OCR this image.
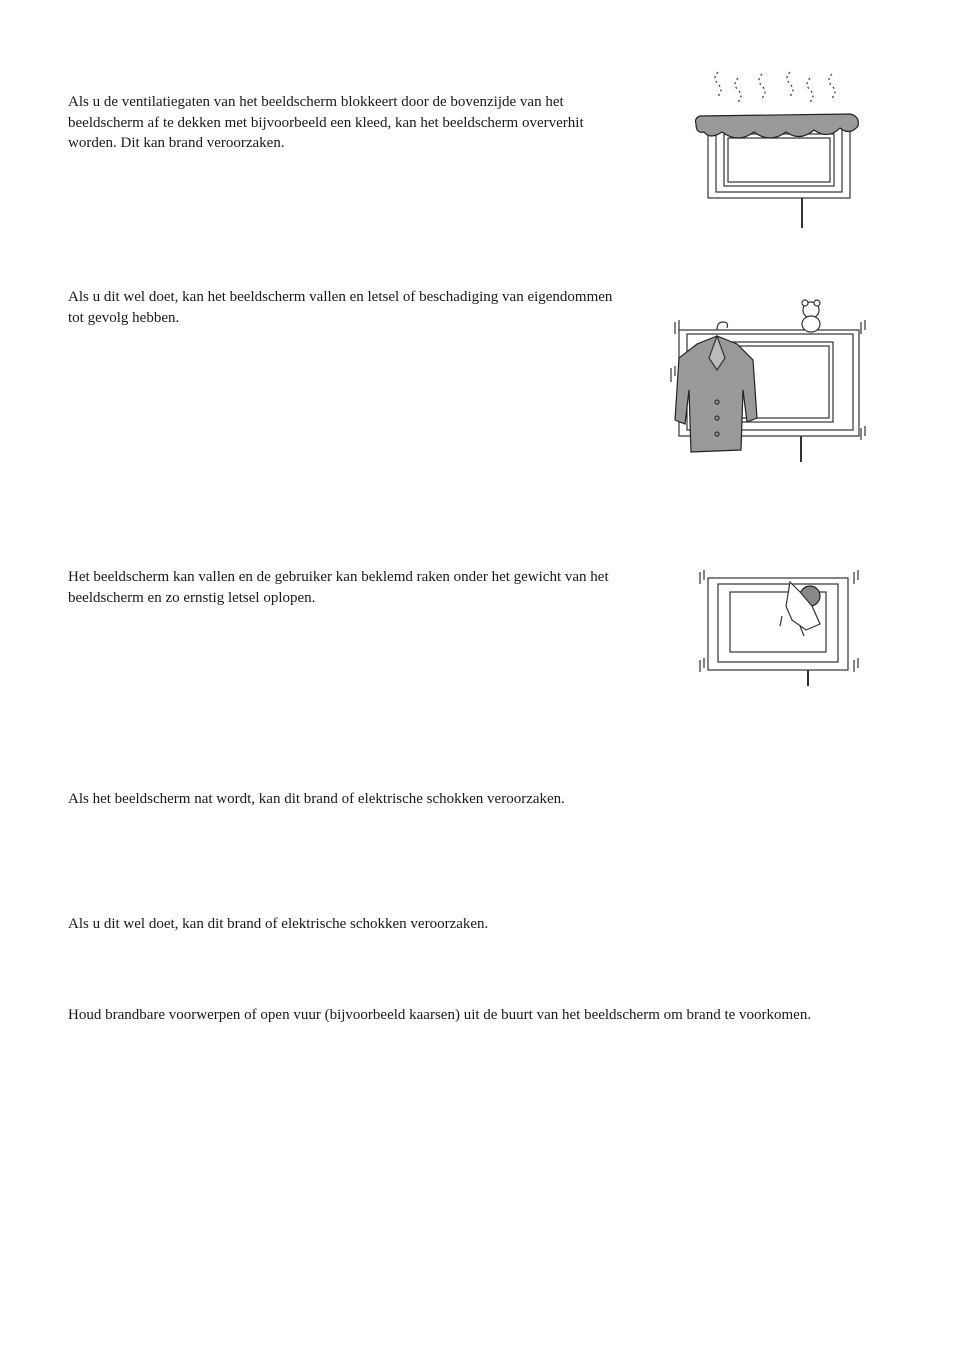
Als u de ventilatiegaten van het beeldscherm blokkeert door de bovenzijde van het beeldscherm af te dekken met bijvoorbeeld een kleed, kan het beeldscherm oververhit worden. Dit kan brand veroorzaken.

Als u dit wel doet, kan het beeldscherm vallen en letsel of beschadiging van eigendommen tot gevolg hebben.

Het beeldscherm kan vallen en de gebruiker kan beklemd raken onder het gewicht van het beeldscherm en zo ernstig letsel oplopen.

Als het beeldscherm nat wordt, kan dit brand of elektrische schokken veroorzaken.

Als u dit wel doet, kan dit brand of elektrische schokken veroorzaken.

Houd brandbare voorwerpen of open vuur (bijvoorbeeld kaarsen) uit de buurt van het beeldscherm om brand te voorkomen.
